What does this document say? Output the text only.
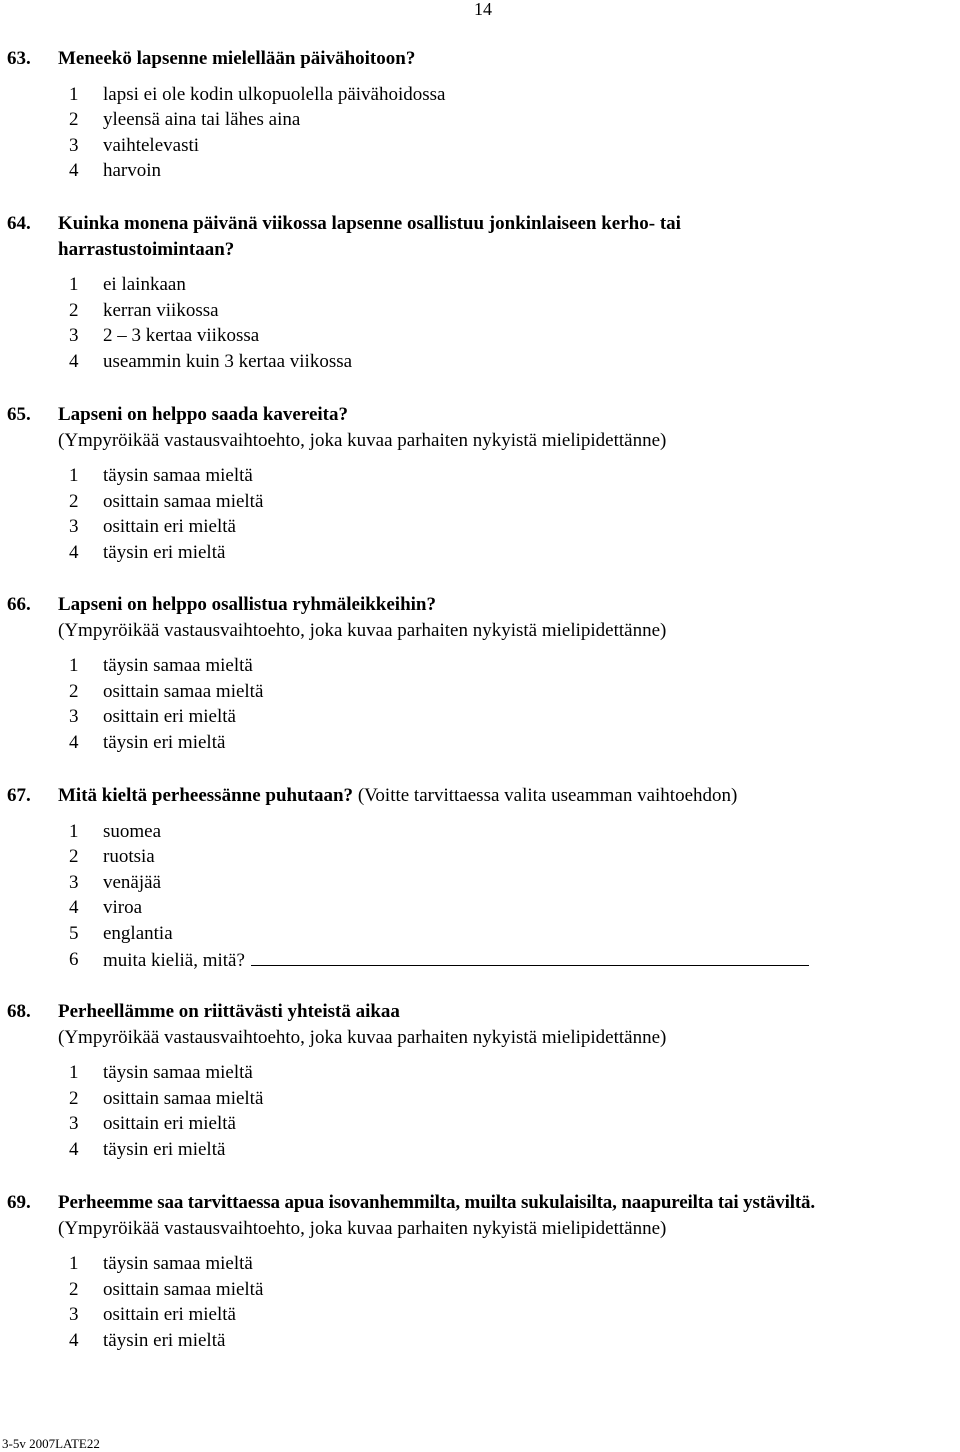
14
63. Meneekö lapsenne mielellään päivähoitoon?
1 lapsi ei ole kodin ulkopuolella päivähoidossa
2 yleensä aina tai lähes aina
3 vaihtelevasti
4 harvoin
64. Kuinka monena päivänä viikossa lapsenne osallistuu jonkinlaiseen kerho- tai
harrastustoimintaan?
1 ei lainkaan
2 kerran viikossa
3 2 – 3 kertaa viikossa
4 useammin kuin 3 kertaa viikossa
65. Lapseni on helppo saada kavereita?
(Ympyröikää vastausvaihtoehto, joka kuvaa parhaiten nykyistä mielipidettänne)
1 täysin samaa mieltä
2 osittain samaa mieltä
3 osittain eri mieltä
4 täysin eri mieltä
66. Lapseni on helppo osallistua ryhmäleikkeihin?
(Ympyröikää vastausvaihtoehto, joka kuvaa parhaiten nykyistä mielipidettänne)
1 täysin samaa mieltä
2 osittain samaa mieltä
3 osittain eri mieltä
4 täysin eri mieltä
67. Mitä kieltä perheessänne puhutaan? (Voitte tarvittaessa valita useamman vaihtoehdon)
1 suomea
2 ruotsia
3 venäjää
4 viroa
5 englantia
6 muita kieliä, mitä?
68. Perheellämme on riittävästi yhteistä aikaa
(Ympyröikää vastausvaihtoehto, joka kuvaa parhaiten nykyistä mielipidettänne)
1 täysin samaa mieltä
2 osittain samaa mieltä
3 osittain eri mieltä
4 täysin eri mieltä
69. Perheemme saa tarvittaessa apua isovanhemmilta, muilta sukulaisilta, naapureilta tai ystäviltä.
(Ympyröikää vastausvaihtoehto, joka kuvaa parhaiten nykyistä mielipidettänne)
1 täysin samaa mieltä
2 osittain samaa mieltä
3 osittain eri mieltä
4 täysin eri mieltä
3-5v 2007LATE22
